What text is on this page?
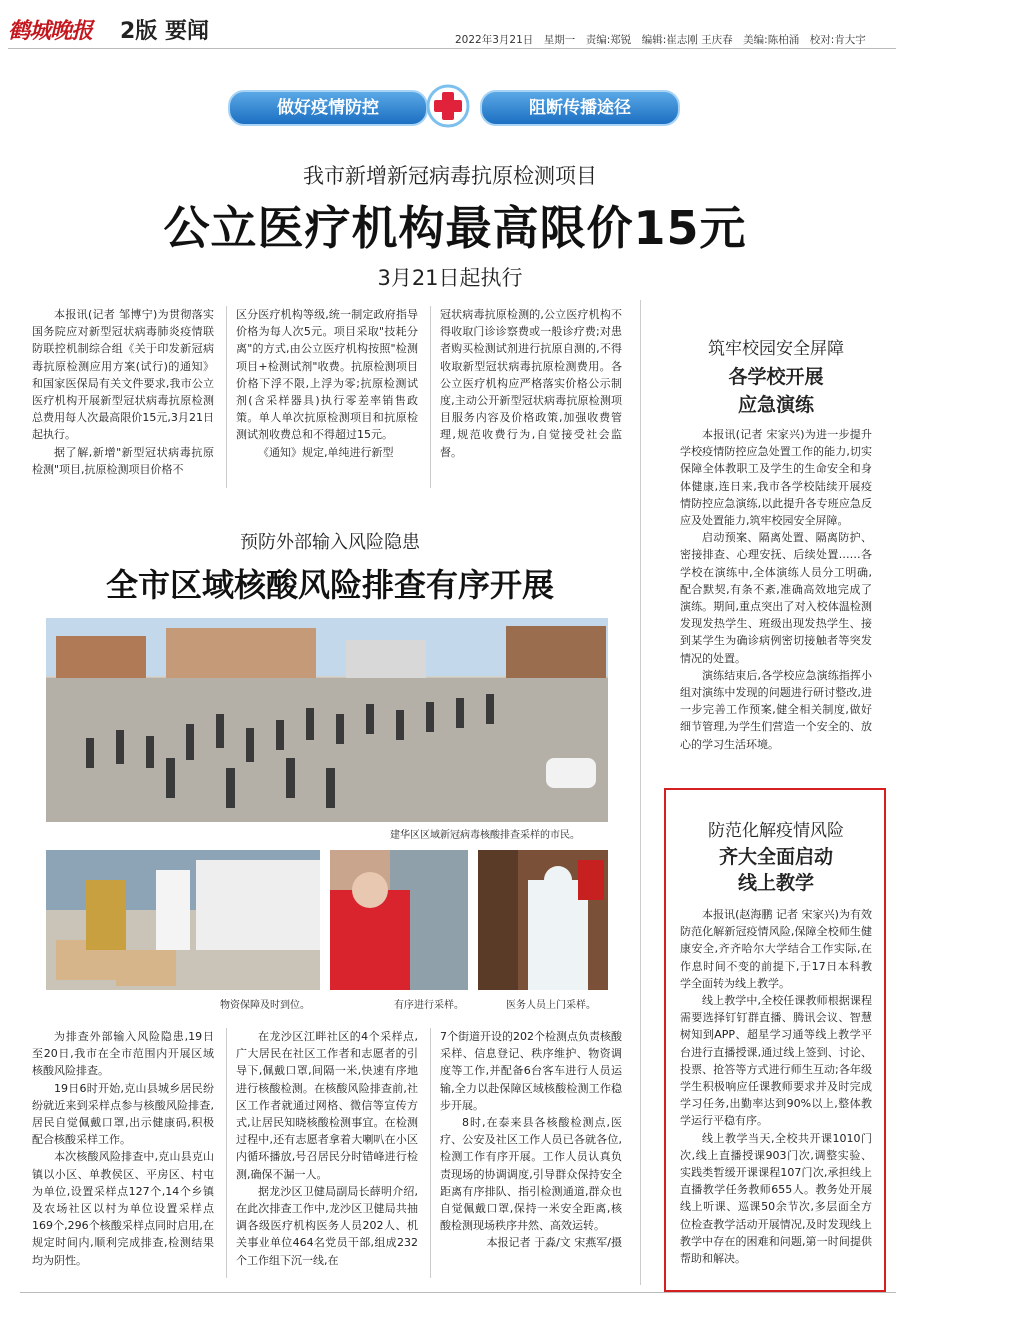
鹤城晚报 2版 要闻	2022年3月21日　星期一　责编:郑锐　编辑:崔志刚 王庆春　美编:陈柏涌　校对:肯大宇
做好疫情防控	阻断传播途径
我市新增新冠病毒抗原检测项目
公立医疗机构最高限价15元
3月21日起执行

本报讯(记者 邹博宁)为贯彻落实国务院应对新型冠状病毒肺炎疫情联防联控机制综合组《关于印发新冠病毒抗原检测应用方案(试行)的通知》和国家医保局有关文件要求,我市公立医疗机构开展新型冠状病毒抗原检测总费用每人次最高限价15元,3月21日起执行。

据了解,新增"新型冠状病毒抗原检测"项目,抗原检测项目价格不

区分医疗机构等级,统一制定政府指导价格为每人次5元。项目采取"技耗分离"的方式,由公立医疗机构按照"检测项目+检测试剂"收费。抗原检测项目价格下浮不限,上浮为零;抗原检测试剂(含采样器具)执行零差率销售政策。单人单次抗原检测项目和抗原检测试剂收费总和不得超过15元。

《通知》规定,单纯进行新型

冠状病毒抗原检测的,公立医疗机构不得收取门诊诊察费或一般诊疗费;对患者购买检测试剂进行抗原自测的,不得收取新型冠状病毒抗原检测费用。各公立医疗机构应严格落实价格公示制度,主动公开新型冠状病毒抗原检测项目服务内容及价格政策,加强收费管理,规范收费行为,自觉接受社会监督。

预防外部输入风险隐患
全市区域核酸风险排查有序开展
建华区区域新冠病毒核酸排查采样的市民。
物资保障及时到位。	有序进行采样。	医务人员上门采样。

为排查外部输入风险隐患,19日至20日,我市在全市范围内开展区域核酸风险排查。

19日6时开始,克山县城乡居民纷纷就近来到采样点参与核酸风险排查,居民自觉佩戴口罩,出示健康码,积极配合核酸采样工作。

本次核酸风险排查中,克山县克山镇以小区、单教侯区、平房区、村屯为单位,设置采样点127个,14个乡镇及农场社区以村为单位设置采样点169个,296个核酸采样点同时启用,在规定时间内,顺利完成排查,检测结果均为阴性。

在龙沙区江畔社区的4个采样点,广大居民在社区工作者和志愿者的引导下,佩戴口罩,间隔一米,快速有序地进行核酸检测。在核酸风险排查前,社区工作者就通过网格、微信等宣传方式,让居民知晓核酸检测事宜。在检测过程中,还有志愿者拿着大喇叭在小区内循环播放,号召居民分时错峰进行检测,确保不漏一人。

据龙沙区卫健局副局长薛明介绍,在此次排查工作中,龙沙区卫健局共抽调各级医疗机构医务人员202人、机关事业单位464名党员干部,组成232个工作组下沉一线,在

7个街道开设的202个检测点负责核酸采样、信息登记、秩序维护、物资调度等工作,并配备6台客车进行人员运输,全力以赴保障区域核酸检测工作稳步开展。

8时,在泰来县各核酸检测点,医疗、公安及社区工作人员已各就各位,检测工作有序开展。工作人员认真负责现场的协调调度,引导群众保持安全距离有序排队、指引检测通道,群众也自觉佩戴口罩,保持一米安全距离,核酸检测现场秩序井然、高效运转。

本报记者 于淼/文 宋燕军/摄

筑牢校园安全屏障
各学校开展
应急演练

本报讯(记者 宋家兴)为进一步提升学校疫情防控应急处置工作的能力,切实保障全体教职工及学生的生命安全和身体健康,连日来,我市各学校陆续开展疫情防控应急演练,以此提升各专班应急反应及处置能力,筑牢校园安全屏障。

启动预案、隔离处置、隔离防护、密接排查、心理安抚、后续处置……各学校在演练中,全体演练人员分工明确,配合默契,有条不紊,准确高效地完成了演练。期间,重点突出了对入校体温检测发现发热学生、班级出现发热学生、接到某学生为确诊病例密切接触者等突发情况的处置。

演练结束后,各学校应急演练指挥小组对演练中发现的问题进行研讨整改,进一步完善工作预案,健全相关制度,做好细节管理,为学生们营造一个安全的、放心的学习生活环境。

防范化解疫情风险
齐大全面启动
线上教学

本报讯(赵海鹏 记者 宋家兴)为有效防范化解新冠疫情风险,保障全校师生健康安全,齐齐哈尔大学结合工作实际,在作息时间不变的前提下,于17日本科教学全面转为线上教学。

线上教学中,全校任课教师根据课程需要选择钉钉群直播、腾讯会议、智慧树知到APP、超星学习通等线上教学平台进行直播授课,通过线上签到、讨论、投票、抢答等方式进行师生互动;各年级学生积极响应任课教师要求并及时完成学习任务,出勤率达到90%以上,整体教学运行平稳有序。

线上教学当天,全校共开课1010门次,线上直播授课903门次,调整实验、实践类暂缓开课课程107门次,承担线上直播教学任务教师655人。教务处开展线上听课、巡课50余节次,多层面全方位检查教学活动开展情况,及时发现线上教学中存在的困难和问题,第一时间提供帮助和解决。
